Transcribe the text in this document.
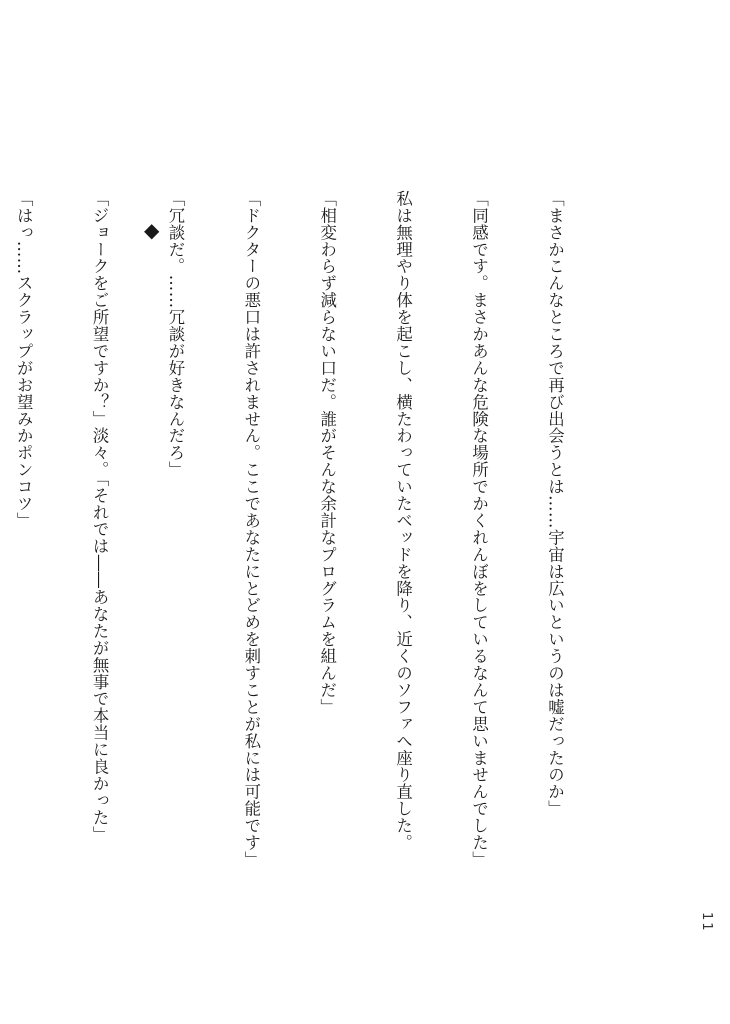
◆

	「まさかこんなところで再び出会うとは……宇宙は広いというのは嘘だったのか」

「同感です。まさかあんな危険な場所でかくれんぼをしているなんて思いませんでした」

私は無理やり体を起こし、横たわっていたベッドを降り、近くのソファへ座り直した。

「相変わらず減らない口だ。誰がそんな余計なプログラムを組んだ」

「ドクターの悪口は許されません。ここであなたにとどめを刺すことが私には可能です」

「冗談だ。……冗談が好きなんだろ」

「ジョークをご所望ですか？」淡々。「それでは――あなたが無事で本当に良かった」

「はっ……スクラップがお望みかポンコツ」

11
